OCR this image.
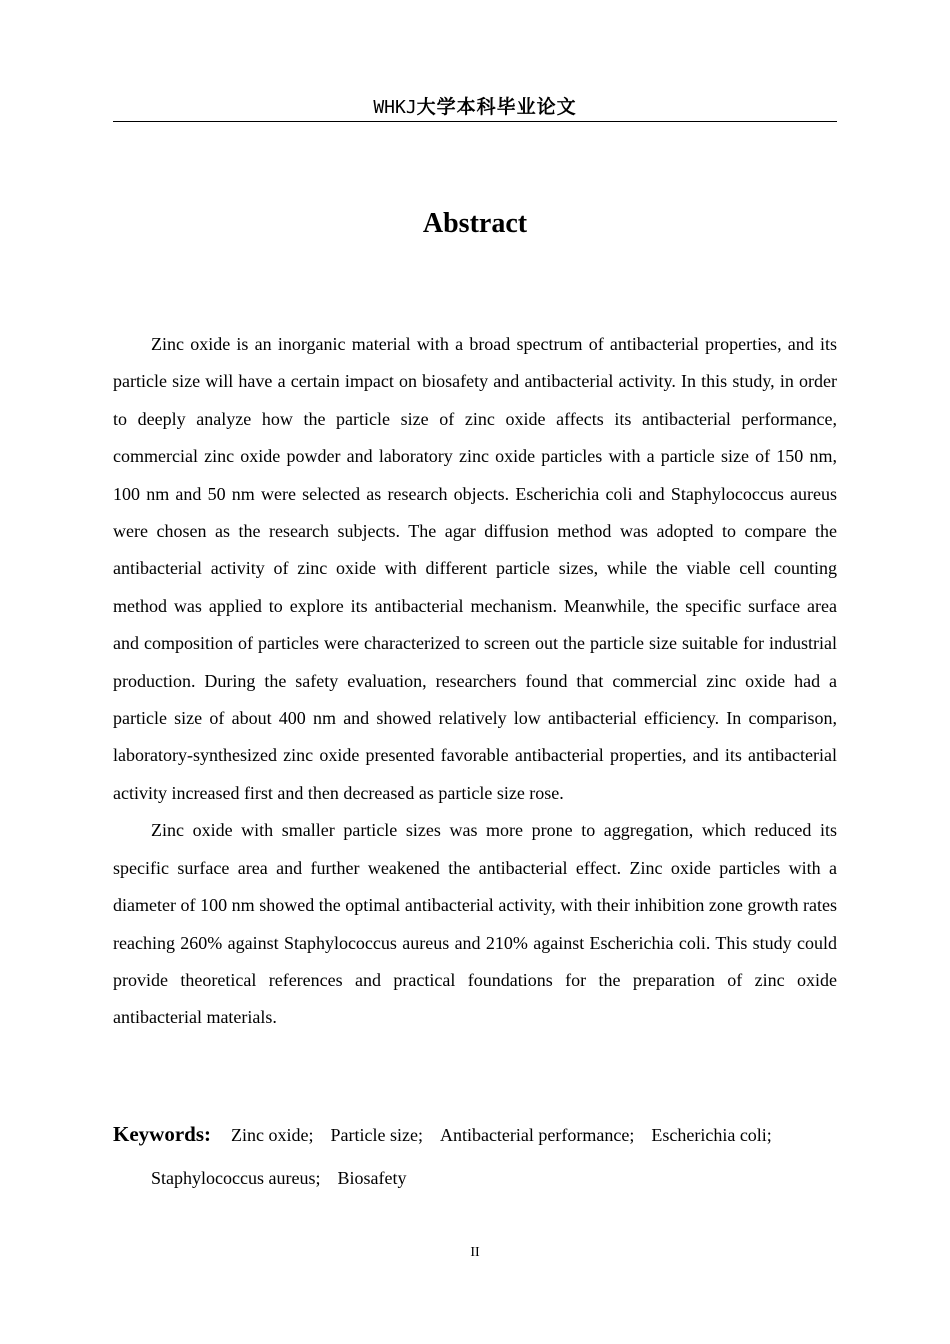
WHKJ大学本科毕业论文
Abstract

Zinc oxide is an inorganic material with a broad spectrum of antibacterial properties, and its particle size will have a certain impact on biosafety and antibacterial activity. In this study, in order to deeply analyze how the particle size of zinc oxide affects its antibacterial performance, commercial zinc oxide powder and laboratory zinc oxide particles with a particle size of 150 nm, 100 nm and 50 nm were selected as research objects. Escherichia coli and Staphylococcus aureus were chosen as the research subjects. The agar diffusion method was adopted to compare the antibacterial activity of zinc oxide with different particle sizes, while the viable cell counting method was applied to explore its antibacterial mechanism. Meanwhile, the specific surface area and composition of particles were characterized to screen out the particle size suitable for industrial production. During the safety evaluation, researchers found that commercial zinc oxide had a particle size of about 400 nm and showed relatively low antibacterial efficiency. In comparison, laboratory-synthesized zinc oxide presented favorable antibacterial properties, and its antibacterial activity increased first and then decreased as particle size rose.

Zinc oxide with smaller particle sizes was more prone to aggregation, which reduced its specific surface area and further weakened the antibacterial effect. Zinc oxide particles with a diameter of 100 nm showed the optimal antibacterial activity, with their inhibition zone growth rates reaching 260% against Staphylococcus aureus and 210% against Escherichia coli. This study could provide theoretical references and practical foundations for the preparation of zinc oxide antibacterial materials.

Keywords: Zinc oxide; Particle size; Antibacterial performance; Escherichia coli;
Staphylococcus aureus; Biosafety
II
